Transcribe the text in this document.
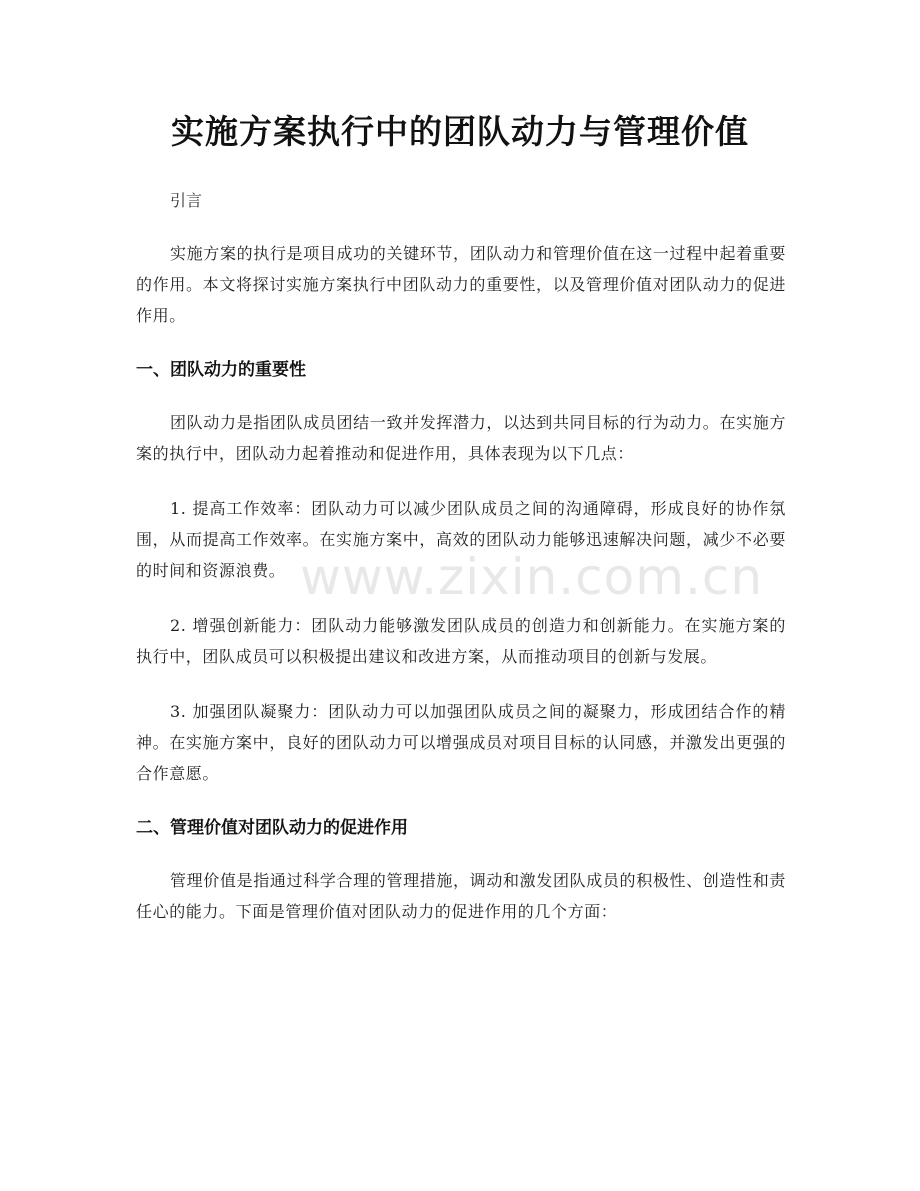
实施方案执行中的团队动力与管理价值

引言

实施方案的执行是项目成功的关键环节，团队动力和管理价值在这一过程中起着重要的作用。本文将探讨实施方案执行中团队动力的重要性，以及管理价值对团队动力的促进作用。

一、团队动力的重要性

团队动力是指团队成员团结一致并发挥潜力，以达到共同目标的行为动力。在实施方案的执行中，团队动力起着推动和促进作用，具体表现为以下几点：

1. 提高工作效率：团队动力可以减少团队成员之间的沟通障碍，形成良好的协作氛围，从而提高工作效率。在实施方案中，高效的团队动力能够迅速解决问题，减少不必要的时间和资源浪费。

2. 增强创新能力：团队动力能够激发团队成员的创造力和创新能力。在实施方案的执行中，团队成员可以积极提出建议和改进方案，从而推动项目的创新与发展。

3. 加强团队凝聚力：团队动力可以加强团队成员之间的凝聚力，形成团结合作的精神。在实施方案中，良好的团队动力可以增强成员对项目目标的认同感，并激发出更强的合作意愿。

二、管理价值对团队动力的促进作用

管理价值是指通过科学合理的管理措施，调动和激发团队成员的积极性、创造性和责任心的能力。下面是管理价值对团队动力的促进作用的几个方面：

www.zixin.com.cn
